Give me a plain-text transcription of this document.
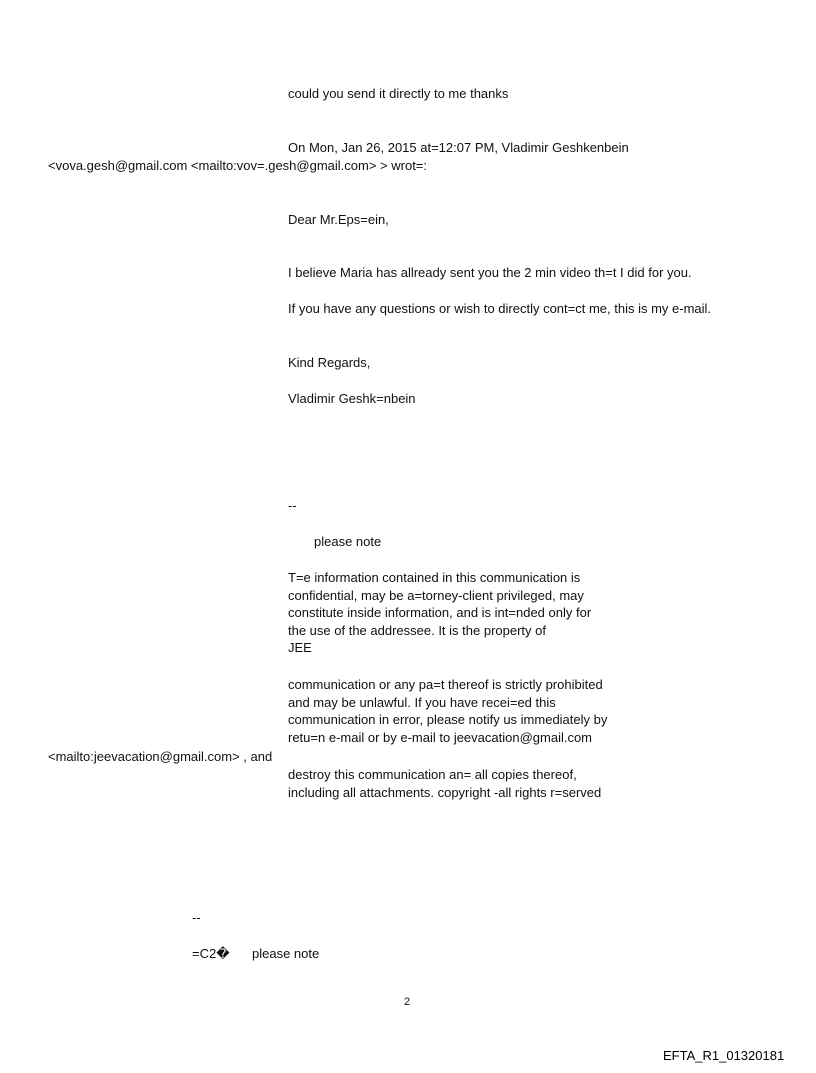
could you send it directly to me thanks

On Mon, Jan 26, 2015 at=12:07 PM, Vladimir Geshkenbein

<vova.gesh@gmail.com <mailto:vov=.gesh@gmail.com> > wrot=:

Dear Mr.Eps=ein,

I believe Maria has allready sent you the 2 min video th=t I did for you.

If you have any questions or wish to directly cont=ct me, this is my e-mail.

Kind Regards,

Vladimir Geshk=nbein

--

please note

T=e information contained in this communication is
confidential, may be a=torney-client privileged, may
constitute inside information, and is int=nded only for
the use of the addressee. It is the property of
JEE
communication or any pa=t thereof is strictly prohibited
and may be unlawful. If you have recei=ed this
communication in error, please notify us immediately by
retu=n e-mail or by e-mail to jeevacation@gmail.com

<mailto:jeevacation@gmail.com> , and

destroy this communication an= all copies thereof,
including all attachments. copyright -all rights r=served

--

=C2� please note

2

EFTA_R1_01320181
